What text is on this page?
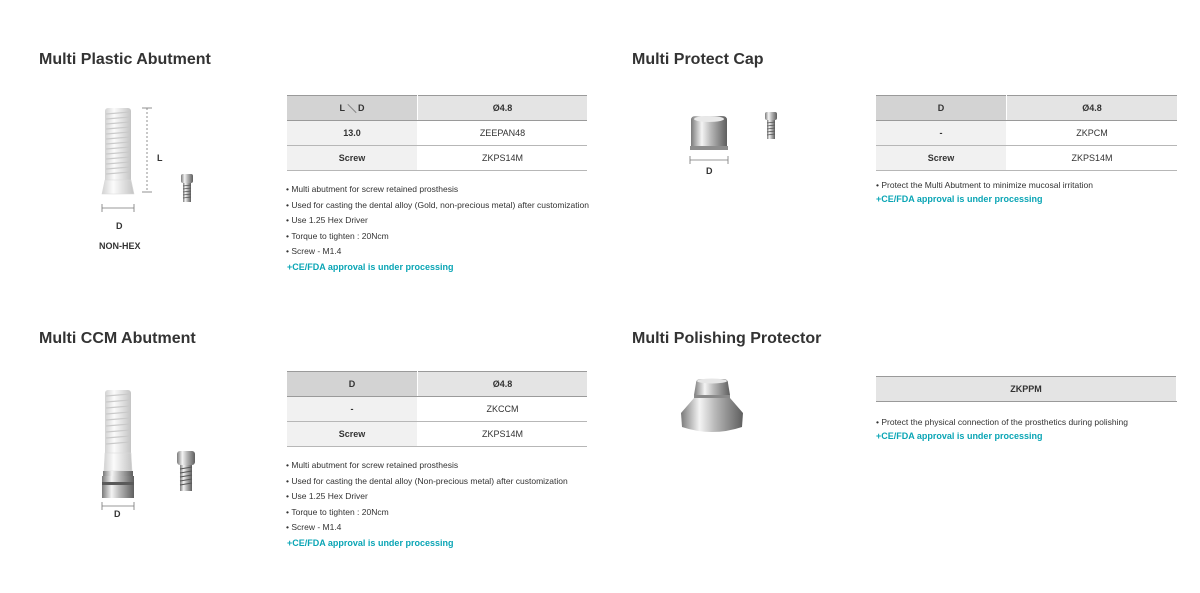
Multi Plastic Abutment
L
D
NON-HEX
L D	Ø4.8
13.0	ZEEPAN48
Screw	ZKPS14M
• Multi abutment for screw retained prosthesis
• Used for casting the dental alloy (Gold, non-precious metal) after customization
• Use 1.25 Hex Driver
• Torque to tighten : 20Ncm
• Screw - M1.4
+CE/FDA approval is under processing
Multi Protect Cap
D
D	Ø4.8
-	ZKPCM
Screw	ZKPS14M
• Protect the Multi Abutment to minimize mucosal irritation
+CE/FDA approval is under processing
Multi CCM Abutment
D
D	Ø4.8
-	ZKCCM
Screw	ZKPS14M
• Multi abutment for screw retained prosthesis
• Used for casting the dental alloy (Non-precious metal) after customization
• Use 1.25 Hex Driver
• Torque to tighten : 20Ncm
• Screw - M1.4
+CE/FDA approval is under processing
Multi Polishing Protector
ZKPPM
• Protect the physical connection of the prosthetics during polishing
+CE/FDA approval is under processing
